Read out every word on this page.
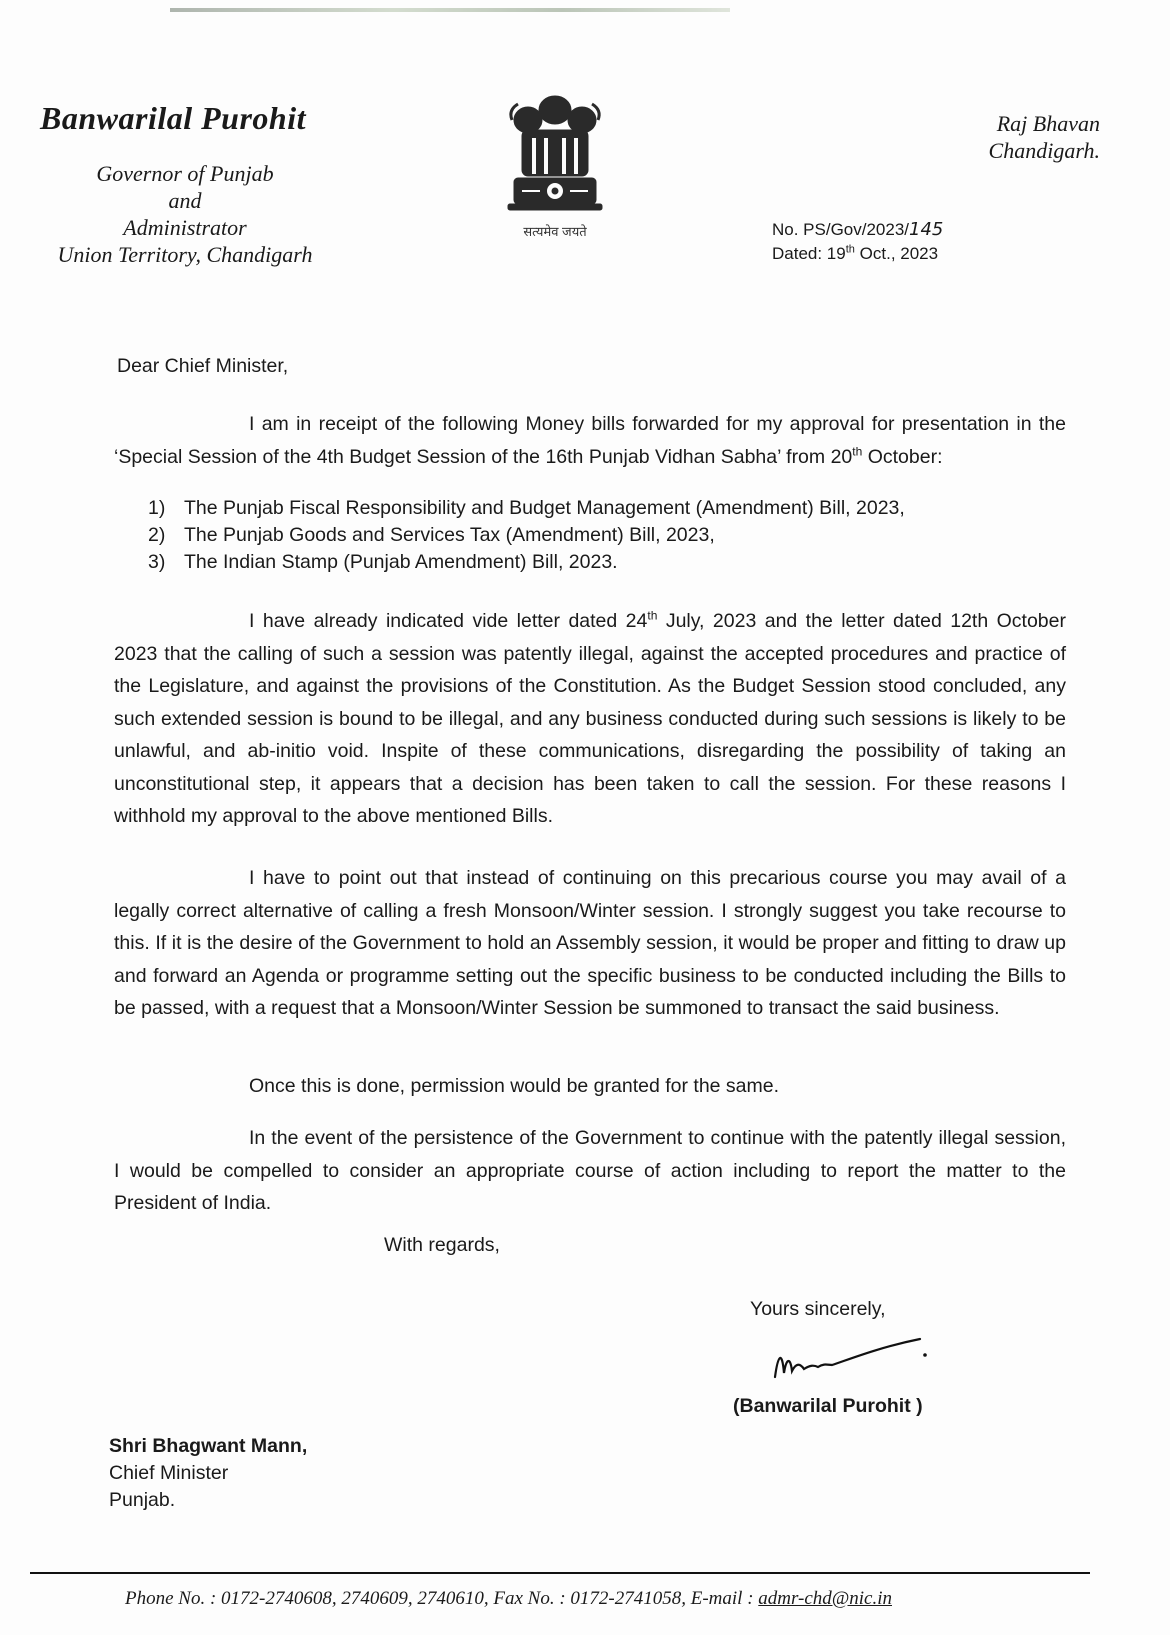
Banwarilal Purohit
Governor of Punjab
and
Administrator
Union Territory, Chandigarh
सत्यमेव जयते
Raj Bhavan
Chandigarh.
No. PS/Gov/2023/145
Dated: 19th Oct., 2023
Dear Chief Minister,
I am in receipt of the following Money bills forwarded for my approval for presentation in the ‘Special Session of the 4th Budget Session of the 16th Punjab Vidhan Sabha’ from 20th October:
1) The Punjab Fiscal Responsibility and Budget Management (Amendment) Bill, 2023,
2) The Punjab Goods and Services Tax (Amendment) Bill, 2023,
3) The Indian Stamp (Punjab Amendment) Bill, 2023.
I have already indicated vide letter dated 24th July, 2023 and the letter dated 12th October 2023 that the calling of such a session was patently illegal, against the accepted procedures and practice of the Legislature, and against the provisions of the Constitution. As the Budget Session stood concluded, any such extended session is bound to be illegal, and any business conducted during such sessions is likely to be unlawful, and ab-initio void. Inspite of these communications, disregarding the possibility of taking an unconstitutional step, it appears that a decision has been taken to call the session. For these reasons I withhold my approval to the above mentioned Bills.
I have to point out that instead of continuing on this precarious course you may avail of a legally correct alternative of calling a fresh Monsoon/Winter session. I strongly suggest you take recourse to this. If it is the desire of the Government to hold an Assembly session, it would be proper and fitting to draw up and forward an Agenda or programme setting out the specific business to be conducted including the Bills to be passed, with a request that a Monsoon/Winter Session be summoned to transact the said business.
Once this is done, permission would be granted for the same.
In the event of the persistence of the Government to continue with the patently illegal session, I would be compelled to consider an appropriate course of action including to report the matter to the President of India.
With regards,
Yours sincerely,
(Banwarilal Purohit )
Shri Bhagwant Mann,
Chief Minister
Punjab.
Phone No. : 0172-2740608, 2740609, 2740610, Fax No. : 0172-2741058, E-mail : admr-chd@nic.in
